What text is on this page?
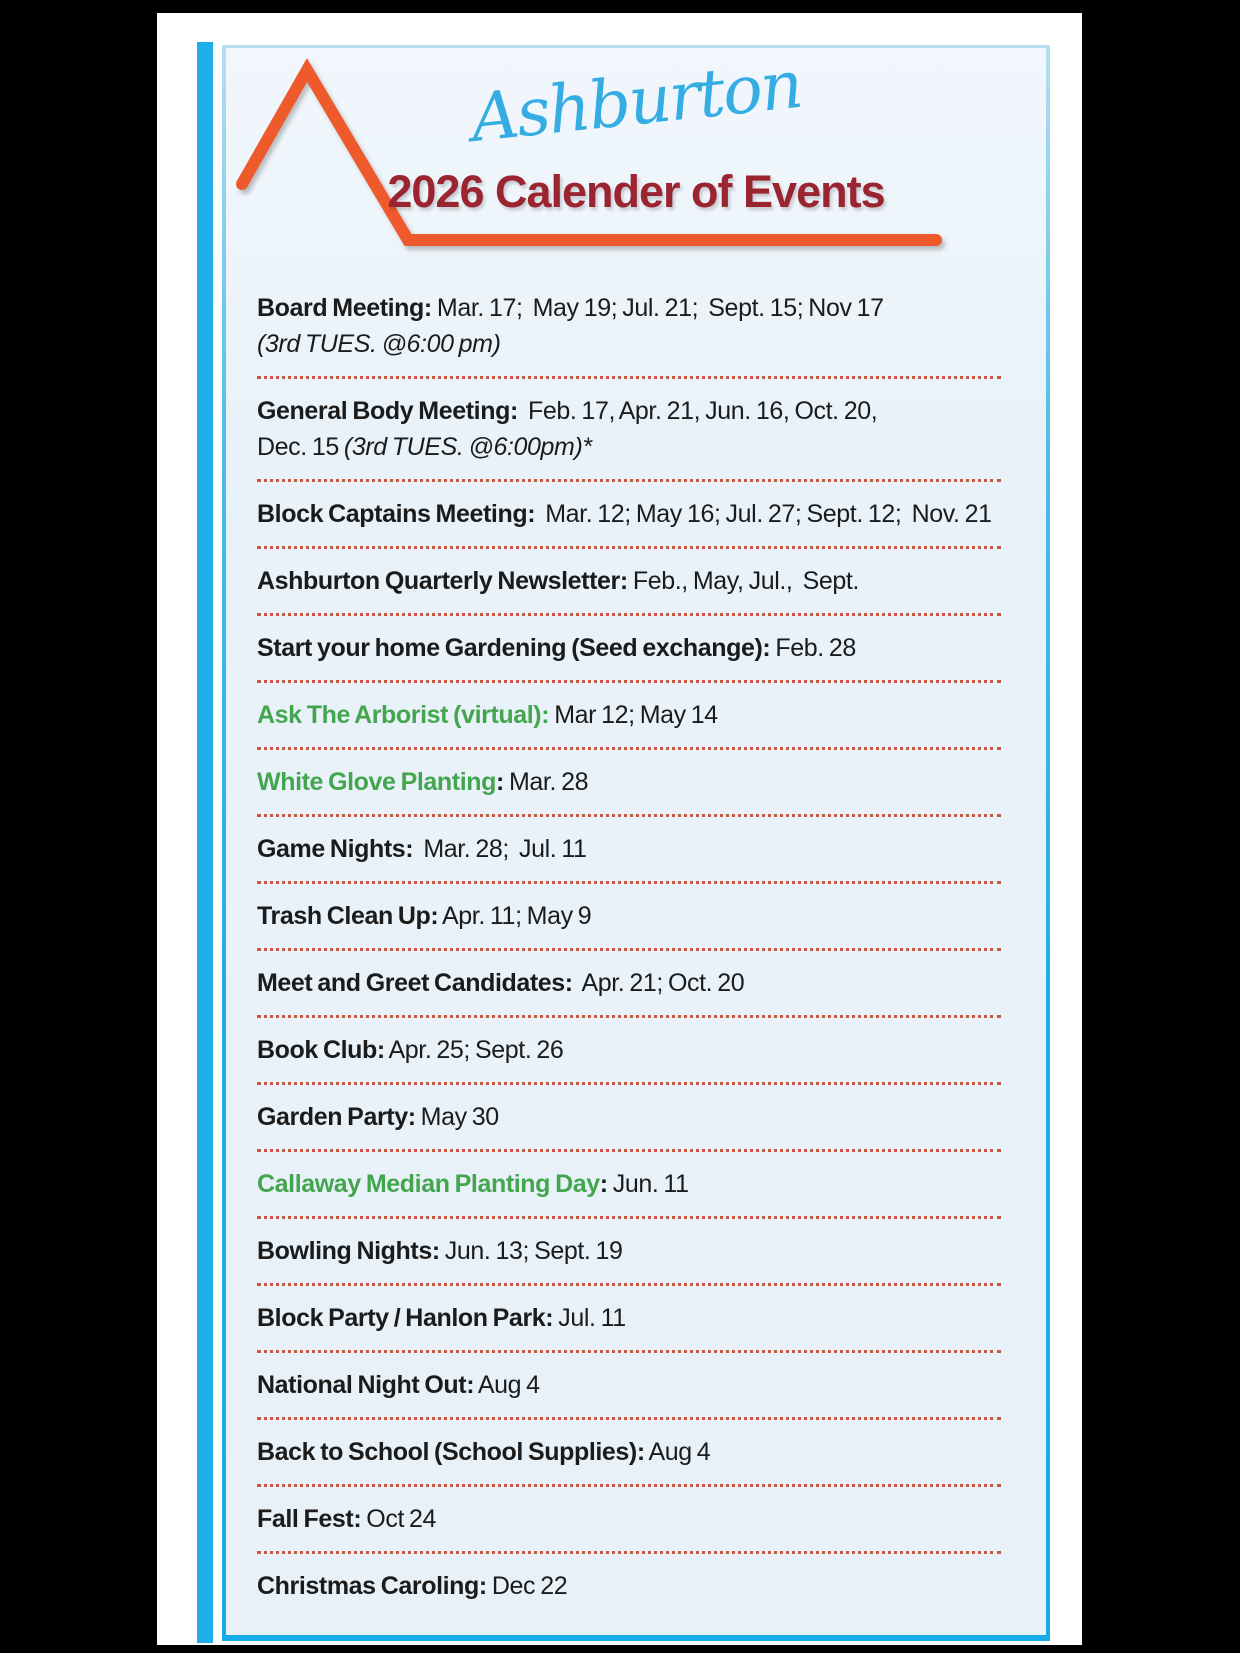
Ashburton
2026 Calender of Events
Board Meeting: Mar. 17;  May 19; Jul. 21;  Sept. 15; Nov 17
(3rd TUES. @6:00 pm)
General Body Meeting:  Feb. 17, Apr. 21, Jun. 16, Oct. 20,
Dec. 15 (3rd TUES. @6:00pm)*
Block Captains Meeting:  Mar. 12; May 16; Jul. 27; Sept. 12;  Nov. 21
Ashburton Quarterly Newsletter: Feb., May, Jul.,  Sept.
Start your home Gardening (Seed exchange): Feb. 28
Ask The Arborist (virtual): Mar 12; May 14
White Glove Planting: Mar. 28
Game Nights:  Mar. 28;  Jul. 11
Trash Clean Up: Apr. 11; May 9
Meet and Greet Candidates:  Apr. 21; Oct. 20
Book Club: Apr. 25; Sept. 26
Garden Party: May 30
Callaway Median Planting Day: Jun. 11
Bowling Nights: Jun. 13; Sept. 19
Block Party / Hanlon Park: Jul. 11
National Night Out: Aug 4
Back to School (School Supplies): Aug 4
Fall Fest: Oct 24
Christmas Caroling: Dec 22
